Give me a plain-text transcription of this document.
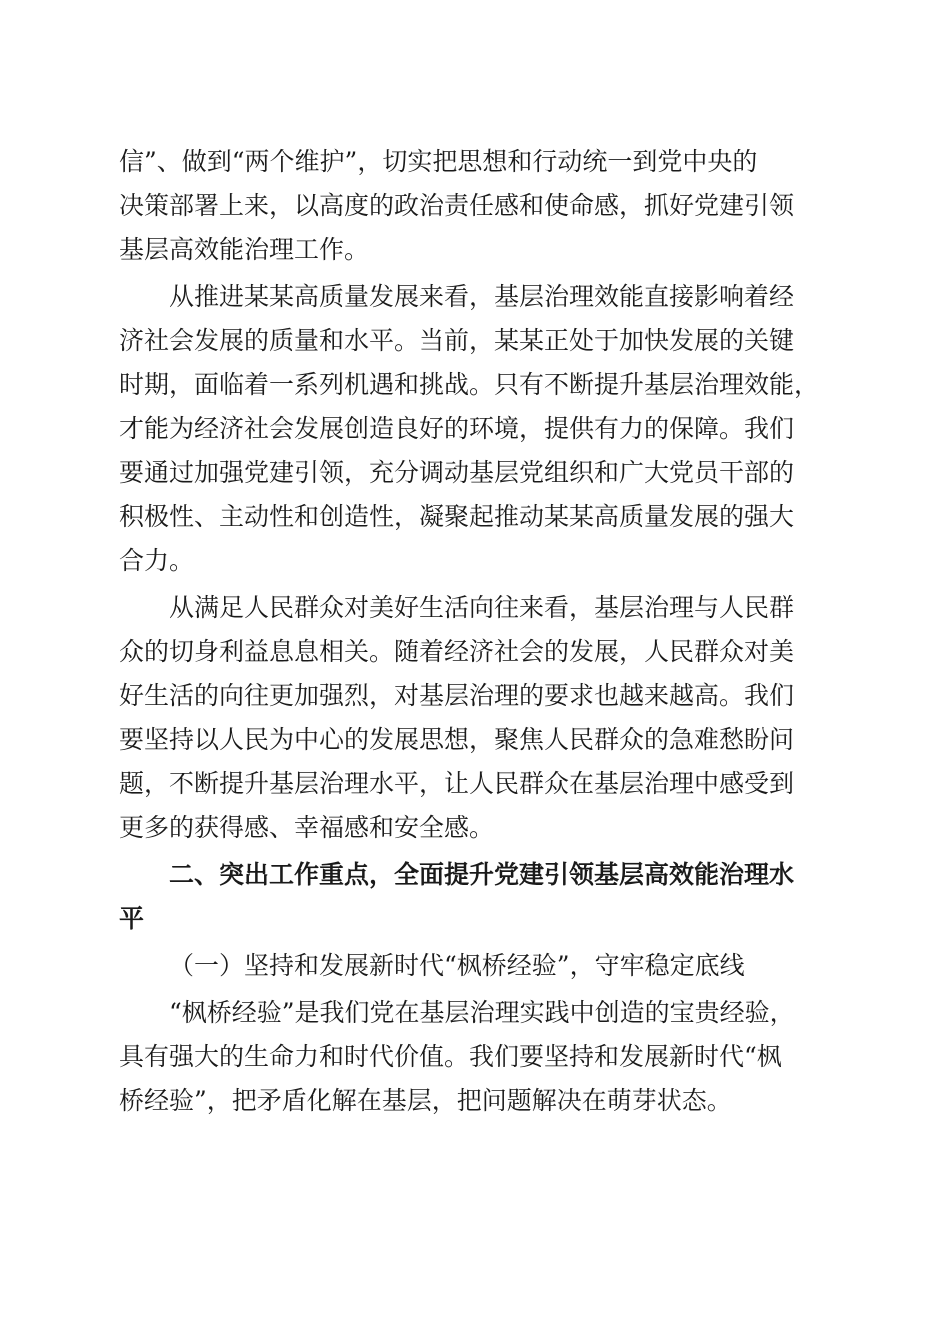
信”、做到“两个维护”，切实把思想和行动统一到党中央的
决策部署上来，以高度的政治责任感和使命感，抓好党建引领
基层高效能治理工作。
从推进某某高质量发展来看，基层治理效能直接影响着经
济社会发展的质量和水平。当前，某某正处于加快发展的关键
时期，面临着一系列机遇和挑战。只有不断提升基层治理效能，
才能为经济社会发展创造良好的环境，提供有力的保障。我们
要通过加强党建引领，充分调动基层党组织和广大党员干部的
积极性、主动性和创造性，凝聚起推动某某高质量发展的强大
合力。
从满足人民群众对美好生活向往来看，基层治理与人民群
众的切身利益息息相关。随着经济社会的发展，人民群众对美
好生活的向往更加强烈，对基层治理的要求也越来越高。我们
要坚持以人民为中心的发展思想，聚焦人民群众的急难愁盼问
题，不断提升基层治理水平，让人民群众在基层治理中感受到
更多的获得感、幸福感和安全感。
二、突出工作重点，全面提升党建引领基层高效能治理水
平
（一）坚持和发展新时代“枫桥经验”，守牢稳定底线
“枫桥经验”是我们党在基层治理实践中创造的宝贵经验，
具有强大的生命力和时代价值。我们要坚持和发展新时代“枫
桥经验”，把矛盾化解在基层，把问题解决在萌芽状态。
